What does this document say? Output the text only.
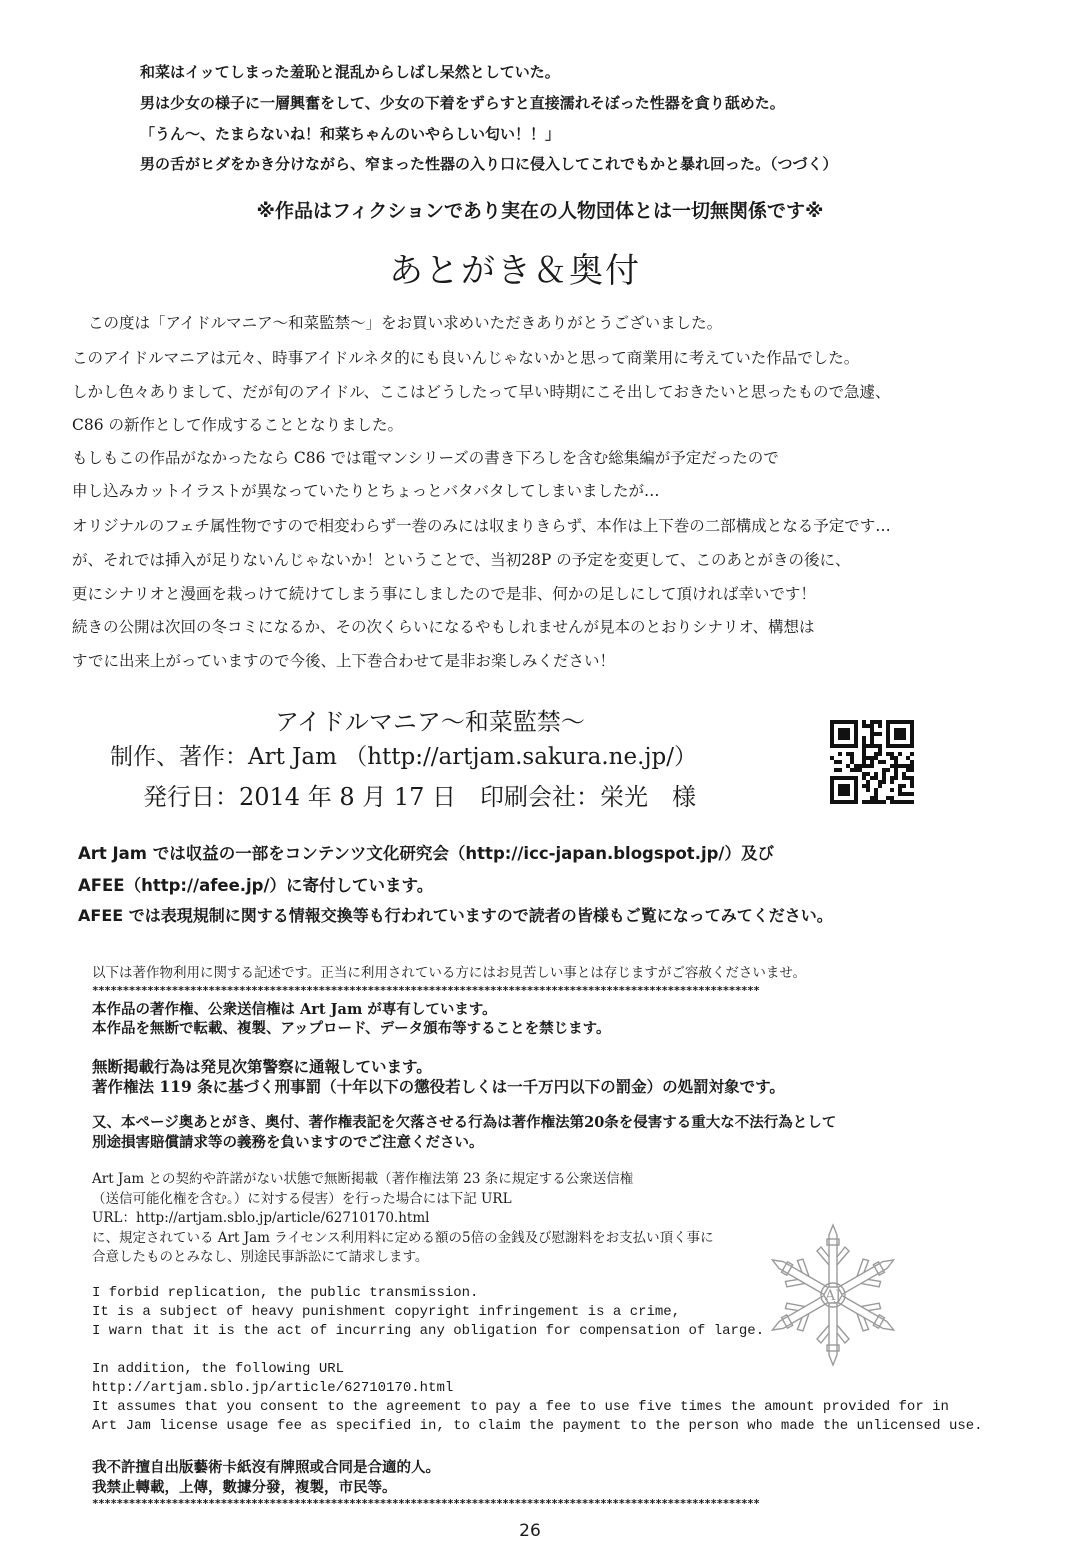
和菜はイッてしまった羞恥と混乱からしばし呆然としていた。
男は少女の様子に一層興奮をして、少女の下着をずらすと直接濡れそぼった性器を貪り舐めた。
「うん〜、たまらないね！和菜ちゃんのいやらしい匂い！！」
男の舌がヒダをかき分けながら、窄まった性器の入り口に侵入してこれでもかと暴れ回った。（つづく）
※作品はフィクションであり実在の人物団体とは一切無関係です※
あとがき＆奥付
この度は「アイドルマニア〜和菜監禁〜」をお買い求めいただきありがとうございました。
このアイドルマニアは元々、時事アイドルネタ的にも良いんじゃないかと思って商業用に考えていた作品でした。
しかし色々ありまして、だが旬のアイドル、ここはどうしたって早い時期にこそ出しておきたいと思ったもので急遽、
C86 の新作として作成することとなりました。
もしもこの作品がなかったなら C86 では電マンシリーズの書き下ろしを含む総集編が予定だったので
申し込みカットイラストが異なっていたりとちょっとバタバタしてしまいましたが…
オリジナルのフェチ属性物ですので相変わらず一巻のみには収まりきらず、本作は上下巻の二部構成となる予定です…
が、それでは挿入が足りないんじゃないか！ということで、当初28P の予定を変更して、このあとがきの後に、
更にシナリオと漫画を栽っけて続けてしまう事にしましたので是非、何かの足しにして頂ければ幸いです！
続きの公開は次回の冬コミになるか、その次くらいになるやもしれませんが見本のとおりシナリオ、構想は
すでに出来上がっていますので今後、上下巻合わせて是非お楽しみください！
アイドルマニア〜和菜監禁〜
制作、著作：Art Jam （http://artjam.sakura.ne.jp/）
発行日：2014 年 8 月 17 日　印刷会社：栄光　様
Art Jam では収益の一部をコンテンツ文化研究会（http://icc-japan.blogspot.jp/）及び
AFEE（http://afee.jp/）に寄付しています。
AFEE では表現規制に関する情報交換等も行われていますので読者の皆様もご覧になってみてください。
以下は著作物利用に関する記述です。正当に利用されている方にはお見苦しい事とは存じますがご容赦くださいませ。
*************************************************************************************************************
本作品の著作権、公衆送信権は Art Jam が専有しています。
本作品を無断で転載、複製、アップロード、データ頒布等することを禁じます。
無断掲載行為は発見次第警察に通報しています。
著作権法 119 条に基づく刑事罰（十年以下の懲役若しくは一千万円以下の罰金）の処罰対象です。
又、本ページ奥あとがき、奥付、著作権表記を欠落させる行為は著作権法第20条を侵害する重大な不法行為として
別途損害賠償請求等の義務を負いますのでご注意ください。
Art Jam との契約や許諾がない状態で無断掲載（著作権法第 23 条に規定する公衆送信権
（送信可能化権を含む。）に対する侵害）を行った場合には下記 URL
URL：http://artjam.sblo.jp/article/62710170.html
に、規定されている Art Jam ライセンス利用料に定める額の5倍の金銭及び慰謝料をお支払い頂く事に
合意したものとみなし、別途民事訴訟にて請求します。
I forbid replication, the public transmission.
It is a subject of heavy punishment copyright infringement is a crime,
I warn that it is the act of incurring any obligation for compensation of large.
In addition, the following URL
http://artjam.sblo.jp/article/62710170.html
It assumes that you consent to the agreement to pay a fee to use five times the amount provided for in
Art Jam license usage fee as specified in, to claim the payment to the person who made the unlicensed use.
我不許擅自出版藝術卡紙沒有牌照或合同是合適的人。
我禁止轉載，上傳，數據分發，複製，市民等。
*************************************************************************************************************
AJ
26
